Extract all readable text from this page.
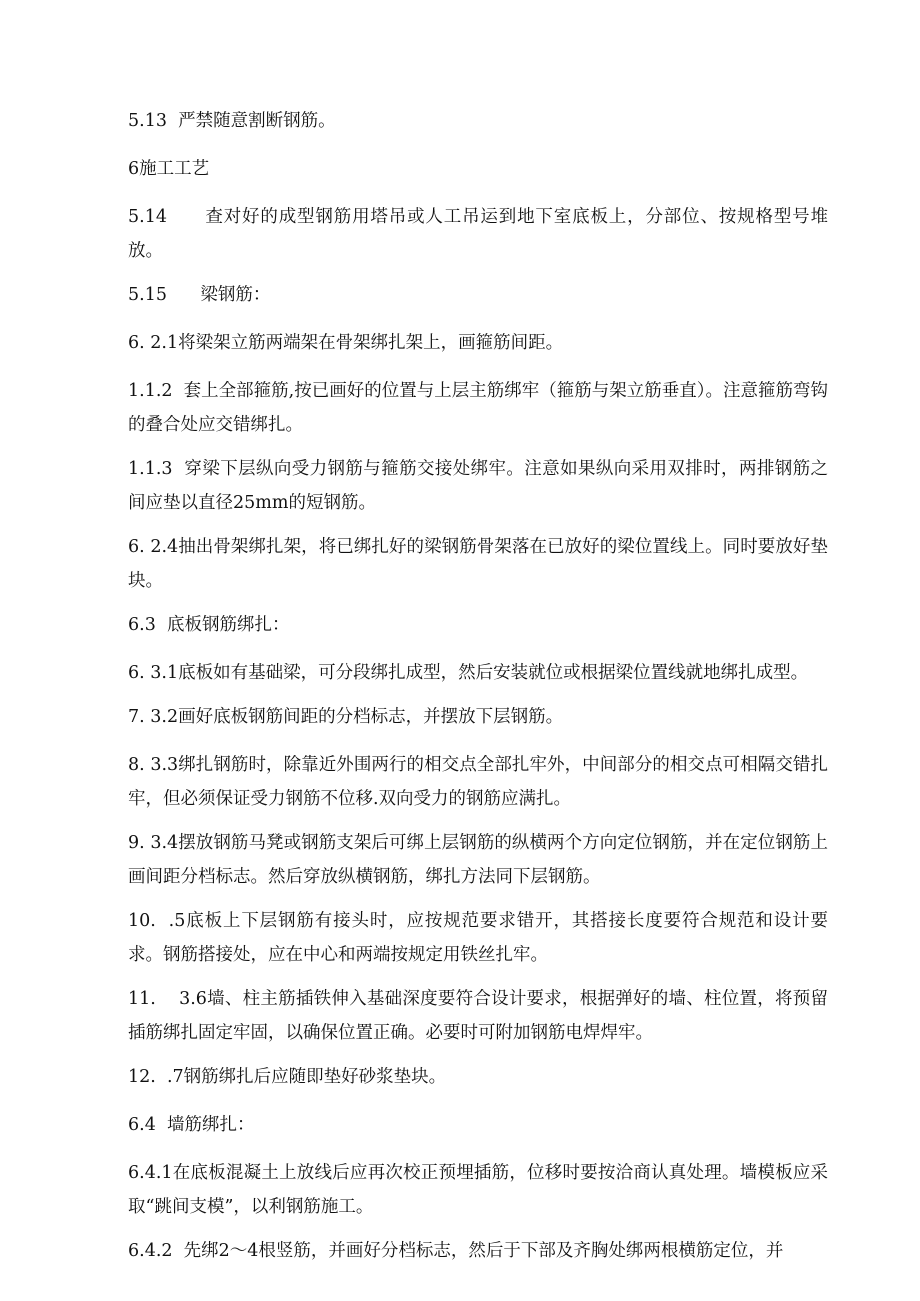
5.13  严禁随意割断钢筋。

6施工工艺

5.14      查对好的成型钢筋用塔吊或人工吊运到地下室底板上，分部位、按规格型号堆放。

5.15      梁钢筋：

6. 2.1将梁架立筋两端架在骨架绑扎架上，画箍筋间距。

1.1.2  套上全部箍筋,按已画好的位置与上层主筋绑牢（箍筋与架立筋垂直）。注意箍筋弯钩的叠合处应交错绑扎。

1.1.3  穿梁下层纵向受力钢筋与箍筋交接处绑牢。注意如果纵向采用双排时，两排钢筋之间应垫以直径25mm的短钢筋。

6. 2.4抽出骨架绑扎架，将已绑扎好的梁钢筋骨架落在已放好的梁位置线上。同时要放好垫块。

6.3  底板钢筋绑扎：

6. 3.1底板如有基础梁，可分段绑扎成型，然后安装就位或根据梁位置线就地绑扎成型。

7. 3.2画好底板钢筋间距的分档标志，并摆放下层钢筋。

8. 3.3绑扎钢筋时，除靠近外围两行的相交点全部扎牢外，中间部分的相交点可相隔交错扎牢，但必须保证受力钢筋不位移.双向受力的钢筋应满扎。

9. 3.4摆放钢筋马凳或钢筋支架后可绑上层钢筋的纵横两个方向定位钢筋，并在定位钢筋上画间距分档标志。然后穿放纵横钢筋，绑扎方法同下层钢筋。

10.  .5底板上下层钢筋有接头时，应按规范要求错开，其搭接长度要符合规范和设计要求。钢筋搭接处，应在中心和两端按规定用铁丝扎牢。

11.    3.6墙、柱主筋插铁伸入基础深度要符合设计要求，根据弹好的墙、柱位置，将预留插筋绑扎固定牢固，以确保位置正确。必要时可附加钢筋电焊焊牢。

12.  .7钢筋绑扎后应随即垫好砂浆垫块。

6.4  墙筋绑扎：

6.4.1在底板混凝土上放线后应再次校正预埋插筋，位移时要按洽商认真处理。墙模板应采取“跳间支模”，以利钢筋施工。

6.4.2  先绑2～4根竖筋，并画好分档标志，然后于下部及齐胸处绑两根横筋定位，并
